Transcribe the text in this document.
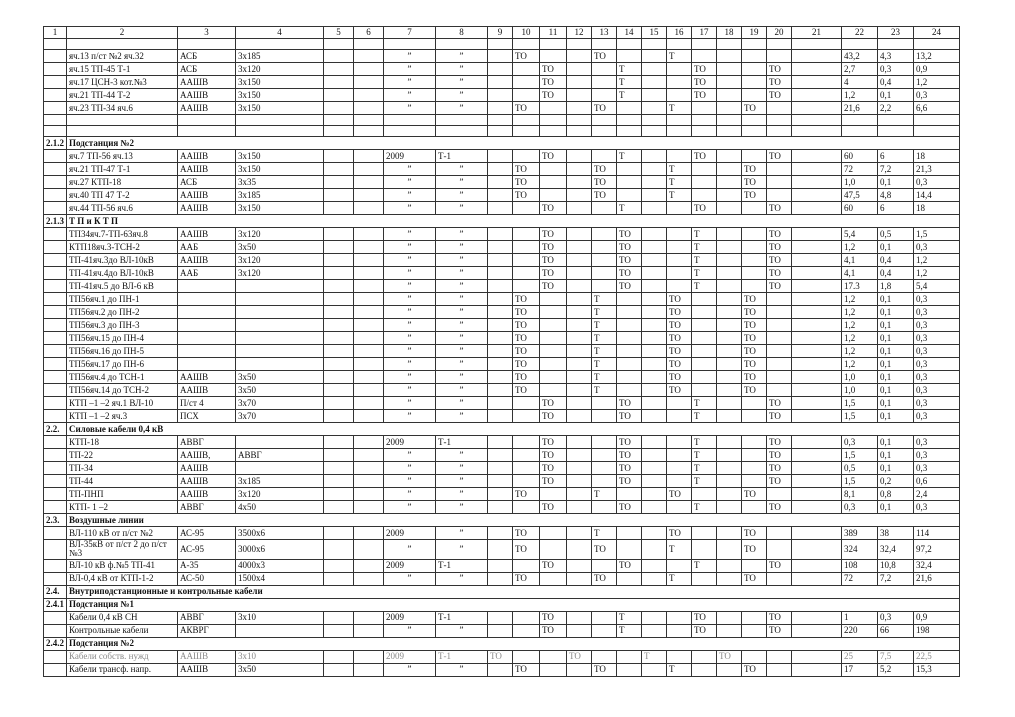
1	2	3	4	5	6	7	8	9	10	11	12	13	14	15	16	17	18	19	20	21	22	23	24

	яч.13 п/ст №2 яч.32	АСБ	3х185			”	”		ТО			ТО			Т						43,2	4,3	13,2
	яч.15 ТП-45 Т-1	АСБ	3х120			”	”			ТО			Т			ТО			ТО		2,7	0,3	0,9
	яч.17 ЦСН-3 кот.№3	ААШВ	3х150			”	”			ТО			Т			ТО			ТО		4	0,4	1,2
	яч.21 ТП-44 Т-2	ААШВ	3х150			”	”			ТО			Т			ТО			ТО		1,2	0,1	0,3
	яч.23 ТП-34 яч.6	ААШВ	3х150			”	”		ТО			ТО			Т			ТО			21,6	2,2	6,6

2.1.2	Подстанция №2																						
	яч.7 ТП-56 яч.13	ААШВ	3х150			2009	Т-1			ТО			Т			ТО			ТО		60	6	18
	яч.21 ТП-47 Т-1	ААШВ	3х150			”	”		ТО			ТО			Т			ТО			72	7,2	21,3
	яч.27 КТП-18	АСБ	3х35			”	”		ТО			ТО			Т			ТО			1,0	0,1	0,3
	яч.40 ТП 47 Т-2	ААШВ	3х185			”	”		ТО			ТО			Т			ТО			47,5	4,8	14,4
	яч.44 ТП-56 яч.6	ААШВ	3х150			”	”			ТО			Т			ТО			ТО		60	6	18
2.1.3	Т П и К Т П																						
	ТП34яч.7-ТП-63яч.8	ААШВ	3х120			”	”			ТО			ТО			Т			ТО		5,4	0,5	1,5
	КТП18яч.3-ТСН-2	ААБ	3х50			”	”			ТО			ТО			Т			ТО		1,2	0,1	0,3
	ТП-41яч.3до ВЛ-10кВ	ААШВ	3х120			”	”			ТО			ТО			Т			ТО		4,1	0,4	1,2
	ТП-41яч.4до ВЛ-10кВ	ААБ	3х120			”	”			ТО			ТО			Т			ТО		4,1	0,4	1,2
	ТП-41яч.5 до ВЛ-6 кВ					”	”			ТО			ТО			Т			ТО		17.3	1,8	5,4
	ТП56яч.1 до ПН-1					”	”		ТО			Т			ТО			ТО			1,2	0,1	0,3
	ТП56яч.2 до ПН-2					”	”		ТО			Т			ТО			ТО			1,2	0,1	0,3
	ТП56яч.3 до ПН-3					”	”		ТО			Т			ТО			ТО			1,2	0,1	0,3
	ТП56яч.15 до ПН-4					”	”		ТО			Т			ТО			ТО			1,2	0,1	0,3
	ТП56яч.16 до ПН-5					”	”		ТО			Т			ТО			ТО			1,2	0,1	0,3
	ТП56яч.17 до ПН-6					”	”		ТО			Т			ТО			ТО			1,2	0,1	0,3
	ТП56яч.4 до ТСН-1	ААШВ	3х50			”	”		ТО			Т			ТО			ТО			1,0	0,1	0,3
	ТП56яч.14 до ТСН-2	ААШВ	3х50			”	”		ТО			Т			ТО			ТО			1,0	0,1	0,3
	КТП –1 –2 яч.1 ВЛ-10	П/ст 4	3х70			”	”			ТО			ТО			Т			ТО		1,5	0,1	0,3
	КТП –1 –2 яч.3	ПСХ	3х70			”	”			ТО			ТО			Т			ТО		1,5	0,1	0,3
2.2.	Силовые кабели 0,4 кВ																						
	КТП-18	АВВГ				2009	Т-1			ТО			ТО			Т			ТО		0,3	0,1	0,3
	ТП-22	ААШВ,	АВВГ			”	”			ТО			ТО			Т			ТО		1,5	0,1	0,3
	ТП-34	ААШВ				”	”			ТО			ТО			Т			ТО		0,5	0,1	0,3
	ТП-44	ААШВ	3х185			”	”			ТО			ТО			Т			ТО		1,5	0,2	0,6
	ТП-ПНП	ААШВ	3х120			”	”		ТО			Т			ТО			ТО			8,1	0,8	2,4
	КТП- 1 –2	АВВГ	4х50			”	”			ТО			ТО			Т			ТО		0,3	0,1	0,3
2.3.	Воздушные линии																						
	ВЛ-110 кВ от п/ст №2	АС-95	3500х6			2009	”		ТО			Т			ТО			ТО			389	38	114
	ВЛ-35кВ от п/ст 2 до п/ст №3	АС-95	3000х6			”	”		ТО			ТО			Т			ТО			324	32,4	97,2
	ВЛ-10 кВ ф.№5 ТП-41	А-35	4000х3			2009	Т-1			ТО			ТО			Т			ТО		108	10,8	32,4
	ВЛ-0,4 кВ от КТП-1-2	АС-50	1500х4			”	”		ТО			ТО			Т			ТО			72	7,2	21,6
2.4.	Внутриподстанционные и контрольные кабели																						
2.4.1	Подстанция №1																						
	Кабели 0,4 кВ СН	АВВГ	3х10			2009	Т-1			ТО			Т			ТО			ТО		1	0,3	0,9
	Контрольные кабели	АКВРГ				”	”			ТО			Т			ТО			ТО		220	66	198
2.4.2	Подстанция №2																						
	Кабели собств. нужд	ААШВ	3х10			2009	Т-1	ТО			ТО			Т			ТО				25	7,5	22,5
	Кабели трансф. напр.	ААШВ	3х50			”	”		ТО			ТО			Т			ТО			17	5,2	15,3
